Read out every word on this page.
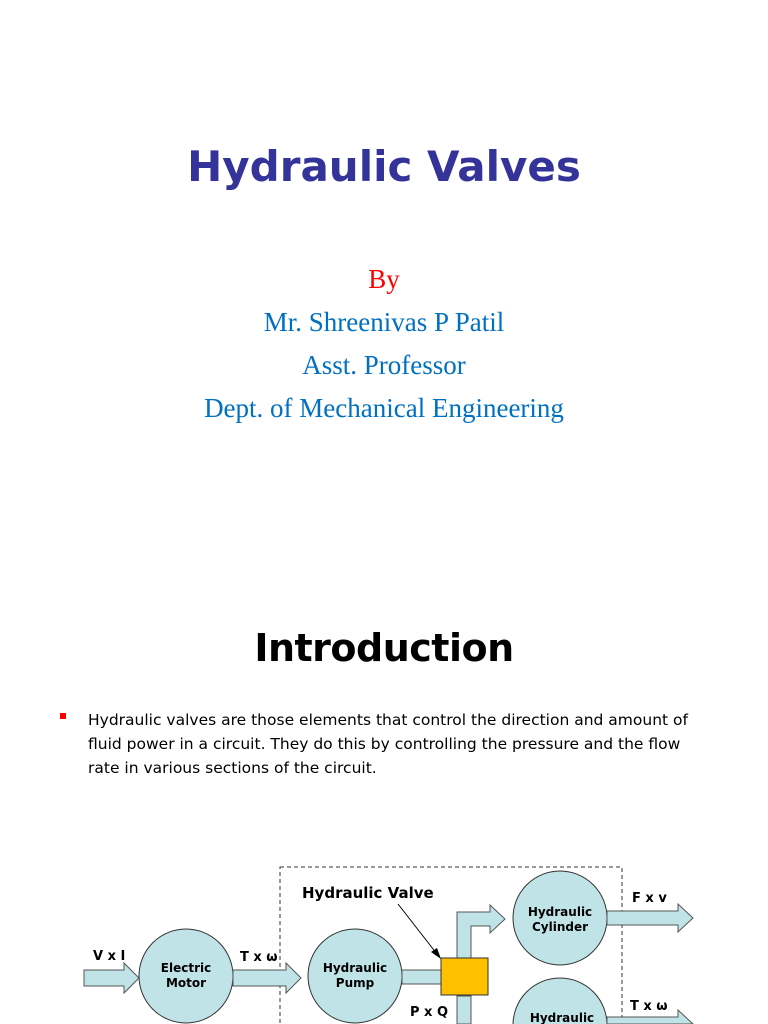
Hydraulic Valves

By

Mr. Shreenivas P Patil

Asst. Professor

Dept. of Mechanical Engineering

Introduction

Hydraulic valves are those elements that control the direction and amount of fluid power in a circuit. They do this by controlling the pressure and the flow rate in various sections of the circuit.

V x I
Electric
Motor
T x ω
Hydraulic
Pump
P x Q
Hydraulic Valve
Hydraulic
Cylinder
F x v
Hydraulic
T x ω
